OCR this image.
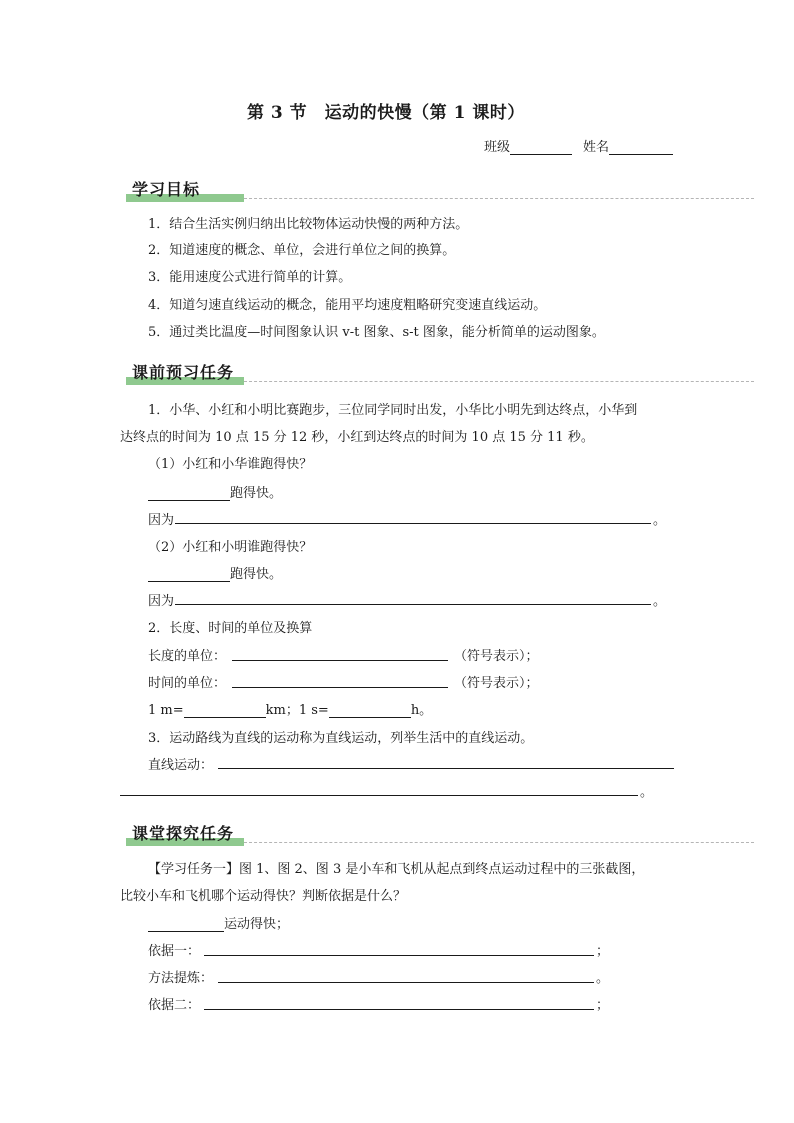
第 3 节　运动的快慢（第 1 课时）
班级	姓名
学习目标
1．结合生活实例归纳出比较物体运动快慢的两种方法。
2．知道速度的概念、单位，会进行单位之间的换算。
3．能用速度公式进行简单的计算。
4．知道匀速直线运动的概念，能用平均速度粗略研究变速直线运动。
5．通过类比温度—时间图象认识 v-t 图象、s-t 图象，能分析简单的运动图象。
课前预习任务
1．小华、小红和小明比赛跑步，三位同学同时出发，小华比小明先到达终点，小华到
达终点的时间为 10 点 15 分 12 秒，小红到达终点的时间为 10 点 15 分 11 秒。
（1）小红和小华谁跑得快？
跑得快。
因为	。
（2）小红和小明谁跑得快？
跑得快。
因为	。
2．长度、时间的单位及换算
长度的单位：	（符号表示）；
时间的单位：	（符号表示）；
1 m=	km；1 s=	h。
3．运动路线为直线的运动称为直线运动，列举生活中的直线运动。
直线运动：
。
课堂探究任务
【学习任务一】图 1、图 2、图 3 是小车和飞机从起点到终点运动过程中的三张截图，
比较小车和飞机哪个运动得快？判断依据是什么？
运动得快；
依据一：	；
方法提炼：	。
依据二：	；
